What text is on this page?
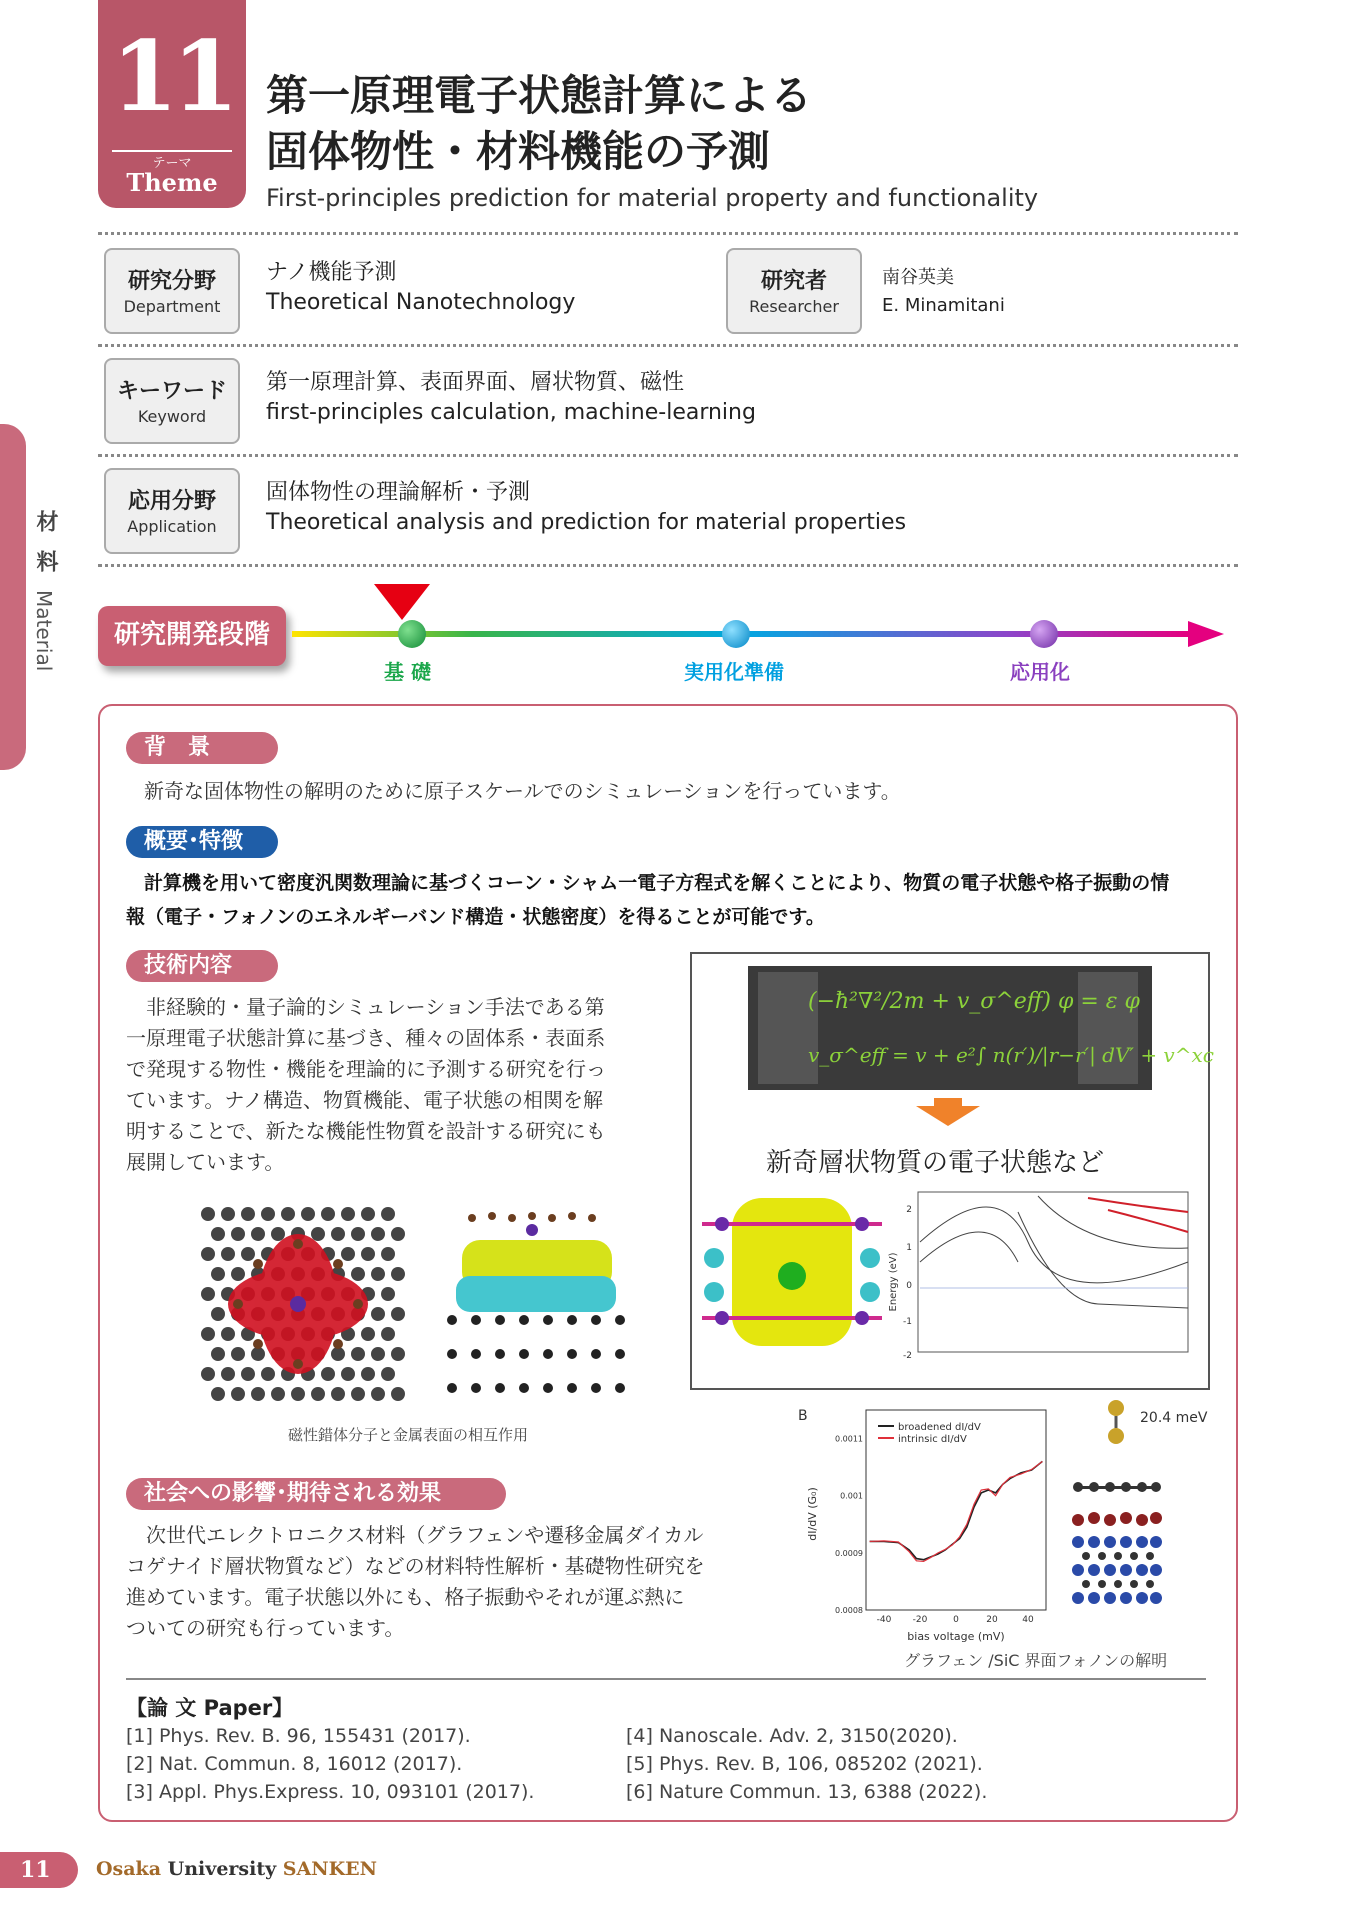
11
テーマ
Theme
第一原理電子状態計算による
固体物性・材料機能の予測
First-principles prediction for material property and functionality
研究分野
Department
ナノ機能予測
Theoretical Nanotechnology
研究者
Researcher
南谷英美
E. Minamitani
キーワード
Keyword
第一原理計算、表面界面、層状物質、磁性
first-principles calculation, machine-learning
応用分野
Application
固体物性の理論解析・予測
Theoretical analysis and prediction for material properties
材料
Material	研究開発段階
基 礎	実用化準備	応用化
背　景
新奇な固体物性の解明のために原子スケールでのシミュレーションを行っています。
概要･特徴
計算機を用いて密度汎関数理論に基づくコーン・シャム一電子方程式を解くことにより、物質の電子状態や格子振動の情
報（電子・フォノンのエネルギーバンド構造・状態密度）を得ることが可能です。
技術内容
非経験的・量子論的シミュレーション手法である第
一原理電子状態計算に基づき、種々の固体系・表面系
で発現する物性・機能を理論的に予測する研究を行っ
ています。ナノ構造、物質機能、電子状態の相関を解
明することで、新たな機能性物質を設計する研究にも
展開しています。
磁性錯体分子と金属表面の相互作用
(−ħ²∇²/2m + v_σ^eff) φ = ε φ
v_σ^eff = v + e²∫ n(r′)/|r−r′| dV′ + v^xc
新奇層状物質の電子状態など
Energy (eV)
2
1
0
-1
-2
社会への影響･期待される効果
次世代エレクトロニクス材料（グラフェンや遷移金属ダイカル
コゲナイド層状物質など）などの材料特性解析・基礎物性研究を
進めています。電子状態以外にも、格子振動やそれが運ぶ熱に
ついての研究も行っています。
B
broadened dI/dV
intrinsic dI/dV
-40 -20	0	20	40
0.0011
0.001
0.0009
0.0008
bias voltage (mV)
dI/dV (G₀)
20.4 meV
グラフェン /SiC 界面フォノンの解明
【論 文 Paper】
[1] Phys. Rev. B. 96, 155431 (2017).
[2] Nat. Commun. 8, 16012 (2017).
[3] Appl. Phys.Express. 10, 093101 (2017).
[4] Nanoscale. Adv. 2, 3150(2020).
[5] Phys. Rev. B, 106, 085202 (2021).
[6] Nature Commun. 13, 6388 (2022).
11	Osaka University SANKEN
